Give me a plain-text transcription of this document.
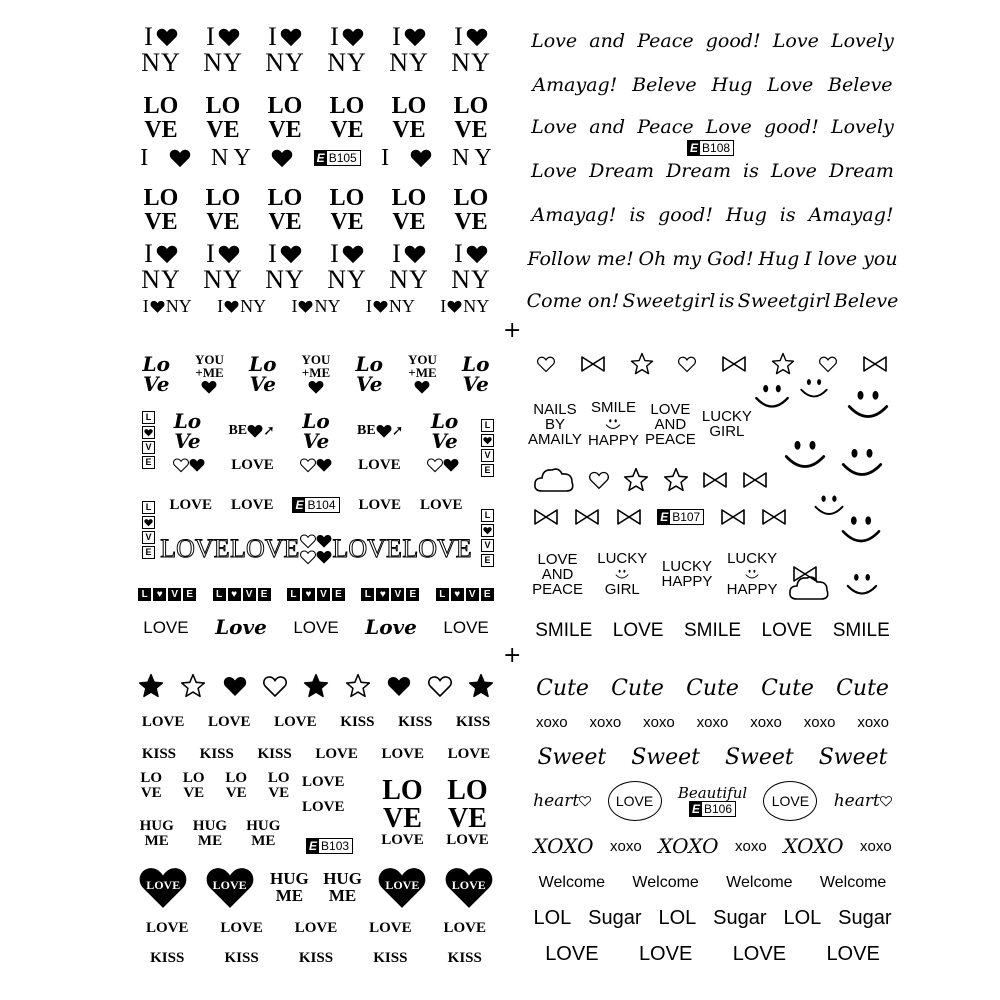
I
NY
I
NY
I
NY
I
NY
I
NY
I
NY
LO
VE
LO
VE
LO
VE
LO
VE
LO
VE
LO
VE
I	N Y	E B105 I	N Y
LO
VE
LO
VE
LO
VE
LO
VE
LO
VE
LO
VE
I
NY
I
NY
I
NY
I
NY
I
NY
I
NY
I NY I NY I NY I NY I NY
Love and Peace good! Love Lovely
Amayag! Beleve Hug Love Beleve
Love and Peace Love good! Lovely
Love Dream Dream is Love Dream
Amayag! is good! Hug is Amayag!
Follow me! Oh my God! Hug I love you
Come on! Sweetgirl is Sweetgirl Beleve
E B108
Lo
Ve
YOU
+ME Lo
Ve
YOU
+ME Lo
Ve
YOU
+ME Lo
Ve
L
V
E
L
V
E
Lo
Ve BE ➚ Lo
Ve BE ➚ Lo
Ve
LOVE	LOVE
L
V
E
L
V
E
LOVE LOVE E B104 LOVE LOVE
LOVE LOVE LOVE LOVE
L ♥ V E	L ♥ V E	L ♥ V E	L ♥ V E	L ♥ V E
LOVE Love LOVE Love LOVE
NAILS
BY
AMAILY
SMILE
HAPPY
LOVE
AND
PEACE
LUCKY
GIRL
E B107
LOVE
AND
PEACE
LUCKY
GIRL
LUCKY
HAPPY
LUCKY
HAPPY
SMILE LOVE SMILE LOVE SMILE
LOVE LOVE LOVE KISS KISS KISS
KISS KISS KISS LOVE LOVE LOVE
LO
VE
LO
VE
LO
VE
LO
VE
LOVE
LOVE
LO
VE
LOVE
LO
VE
LOVE
HUG
ME
HUG
ME
HUG
ME	E B103
LOVE	LOVE HUG
ME
HUG
ME
LOVE	LOVE
LOVE LOVE LOVE LOVE LOVE
KISS	KISS	KISS	KISS	KISS
Cute Cute Cute Cute Cute
xoxo xoxo xoxo xoxo xoxo xoxo xoxo
Sweet Sweet Sweet Sweet
heart	LOVE Beautiful
E B106	LOVE heart
XOXO xoxo XOXO xoxo XOXO xoxo
Welcome Welcome Welcome Welcome
LOL Sugar LOL Sugar LOL Sugar
LOVE LOVE LOVE LOVE
+
+
